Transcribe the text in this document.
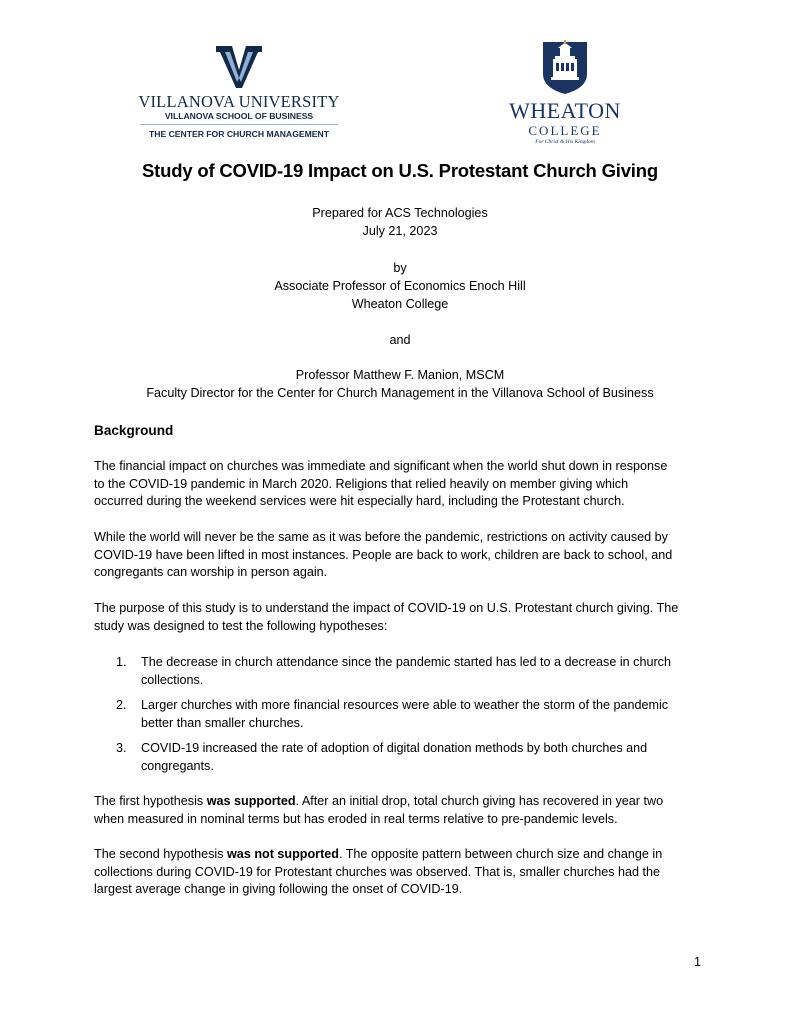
VILLANOVA UNIVERSITY
VILLANOVA SCHOOL OF BUSINESS
THE CENTER FOR CHURCH MANAGEMENT
WHEATON
COLLEGE
For Christ & His Kingdom
Study of COVID-19 Impact on U.S. Protestant Church Giving
Prepared for ACS Technologies
July 21, 2023
by
Associate Professor of Economics Enoch Hill
Wheaton College
and
Professor Matthew F. Manion, MSCM
Faculty Director for the Center for Church Management in the Villanova School of Business
Background
The financial impact on churches was immediate and significant when the world shut down in response
to the COVID-19 pandemic in March 2020. Religions that relied heavily on member giving which
occurred during the weekend services were hit especially hard, including the Protestant church.
While the world will never be the same as it was before the pandemic, restrictions on activity caused by
COVID-19 have been lifted in most instances. People are back to work, children are back to school, and
congregants can worship in person again.
The purpose of this study is to understand the impact of COVID-19 on U.S. Protestant church giving. The
study was designed to test the following hypotheses:
1. The decrease in church attendance since the pandemic started has led to a decrease in church
collections.
2. Larger churches with more financial resources were able to weather the storm of the pandemic
better than smaller churches.
3. COVID-19 increased the rate of adoption of digital donation methods by both churches and
congregants.
The first hypothesis was supported. After an initial drop, total church giving has recovered in year two
when measured in nominal terms but has eroded in real terms relative to pre-pandemic levels.
The second hypothesis was not supported. The opposite pattern between church size and change in
collections during COVID-19 for Protestant churches was observed. That is, smaller churches had the
largest average change in giving following the onset of COVID-19.
1
